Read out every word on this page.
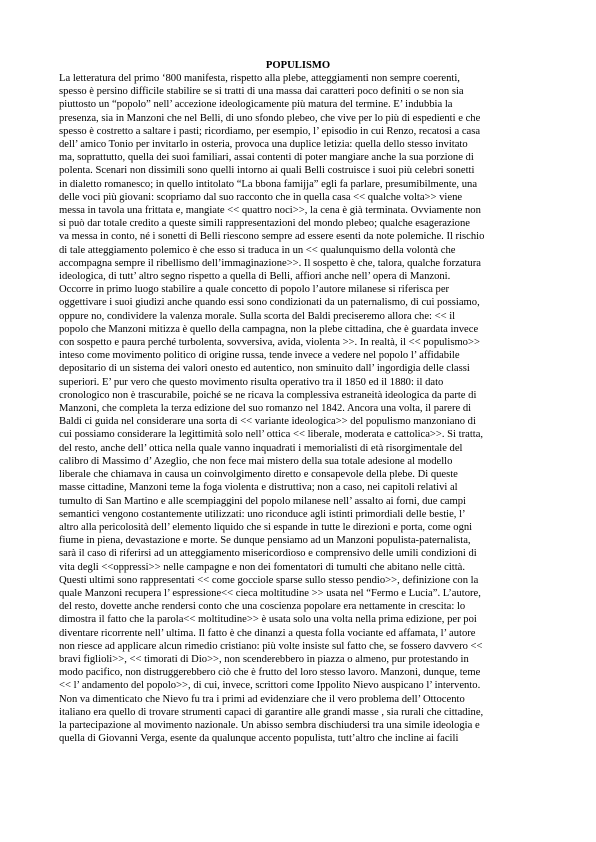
POPULISMO
La letteratura del primo ‘800 manifesta, rispetto alla plebe, atteggiamenti non sempre coerenti,
spesso è persino difficile stabilire se si tratti di una massa dai caratteri poco definiti o se non sia
piuttosto un “popolo” nell’ accezione ideologicamente più matura del termine. E’ indubbia la
presenza, sia in Manzoni che nel Belli, di uno sfondo plebeo, che vive per lo più di espedienti e che
spesso è costretto a saltare i pasti; ricordiamo, per esempio, l’ episodio in cui Renzo, recatosi a casa
dell’ amico Tonio per invitarlo in osteria, provoca una duplice letizia: quella dello stesso invitato
ma, soprattutto, quella dei suoi familiari, assai contenti di poter mangiare anche la sua porzione di
polenta. Scenari non dissimili sono quelli intorno ai quali Belli costruisce i suoi più celebri sonetti
in dialetto romanesco; in quello intitolato “La bbona famijja” egli fa parlare, presumibilmente, una
delle voci più giovani: scopriamo dal suo racconto che in quella casa << qualche volta>> viene
messa in tavola una frittata e, mangiate << quattro noci>>, la cena è già terminata. Ovviamente non
si può dar totale credito a queste simili rappresentazioni del mondo plebeo; qualche esagerazione
va messa in conto, né i sonetti di Belli riescono sempre ad essere esenti da note polemiche. Il rischio
di tale atteggiamento polemico è che esso si traduca in un << qualunquismo della volontà che
accompagna sempre il ribellismo dell’immaginazione>>. Il sospetto è che, talora, qualche forzatura
ideologica, di tutt’ altro segno rispetto a quella di Belli, affiori anche nell’ opera di Manzoni.
Occorre in primo luogo stabilire a quale concetto di popolo l’autore milanese si riferisca per
oggettivare i suoi giudizi anche quando essi sono condizionati da un paternalismo, di cui possiamo,
oppure no, condividere la valenza morale. Sulla scorta del Baldi preciseremo allora che: << il
popolo che Manzoni mitizza è quello della campagna, non la plebe cittadina, che è guardata invece
con sospetto e paura perché turbolenta, sovversiva, avida, violenta >>. In realtà, il << populismo>>
inteso come movimento politico di origine russa, tende invece a vedere nel popolo l’ affidabile
depositario di un sistema dei valori onesto ed autentico, non sminuito dall’ ingordigia delle classi
superiori. E’ pur vero che questo movimento risulta operativo tra il 1850 ed il 1880: il dato
cronologico non è trascurabile, poiché se ne ricava la complessiva estraneità ideologica da parte di
Manzoni, che completa la terza edizione del suo romanzo nel 1842. Ancora una volta, il parere di
Baldi ci guida nel considerare una sorta di << variante ideologica>> del populismo manzoniano di
cui possiamo considerare la legittimità solo nell’ ottica << liberale, moderata e cattolica>>. Si tratta,
del resto, anche dell’ ottica nella quale vanno inquadrati i memorialisti di età risorgimentale del
calibro di Massimo d’ Azeglio, che non fece mai mistero della sua totale adesione al modello
liberale che chiamava in causa un coinvolgimento diretto e consapevole della plebe. Di queste
masse cittadine, Manzoni teme la foga violenta e distruttiva; non a caso, nei capitoli relativi al
tumulto di San Martino e alle scempiaggini del popolo milanese nell’ assalto ai forni, due campi
semantici vengono costantemente utilizzati: uno riconduce agli istinti primordiali delle bestie, l’
altro alla pericolosità dell’ elemento liquido che si espande in tutte le direzioni e porta, come ogni
fiume in piena, devastazione e morte. Se dunque pensiamo ad un Manzoni populista-paternalista,
sarà il caso di riferirsi ad un atteggiamento misericordioso e comprensivo delle umili condizioni di
vita degli <<oppressi>> nelle campagne e non dei fomentatori di tumulti che abitano nelle città.
Questi ultimi sono rappresentati << come gocciole sparse sullo stesso pendio>>, definizione con la
quale Manzoni recupera l’ espressione<< cieca moltitudine >> usata nel “Fermo e Lucia”. L’autore,
del resto, dovette anche rendersi conto che una coscienza popolare era nettamente in crescita: lo
dimostra il fatto che la parola<< moltitudine>> è usata solo una volta nella prima edizione, per poi
diventare ricorrente nell’ ultima. Il fatto è che dinanzi a questa folla vociante ed affamata, l’ autore
non riesce ad applicare alcun rimedio cristiano: più volte insiste sul fatto che, se fossero davvero <<
bravi figlioli>>, << timorati di Dio>>, non scenderebbero in piazza o almeno, pur protestando in
modo pacifico, non distruggerebbero ciò che è frutto del loro stesso lavoro. Manzoni, dunque, teme
<< l’ andamento del popolo>>, di cui, invece, scrittori come Ippolito Nievo auspicano l’ intervento.
Non va dimenticato che Nievo fu tra i primi ad evidenziare che il vero problema dell’ Ottocento
italiano era quello di trovare strumenti capaci di garantire alle grandi masse , sia rurali che cittadine,
la partecipazione al movimento nazionale. Un abisso sembra dischiudersi tra una simile ideologia e
quella di Giovanni Verga, esente da qualunque accento populista, tutt’altro che incline ai facili
